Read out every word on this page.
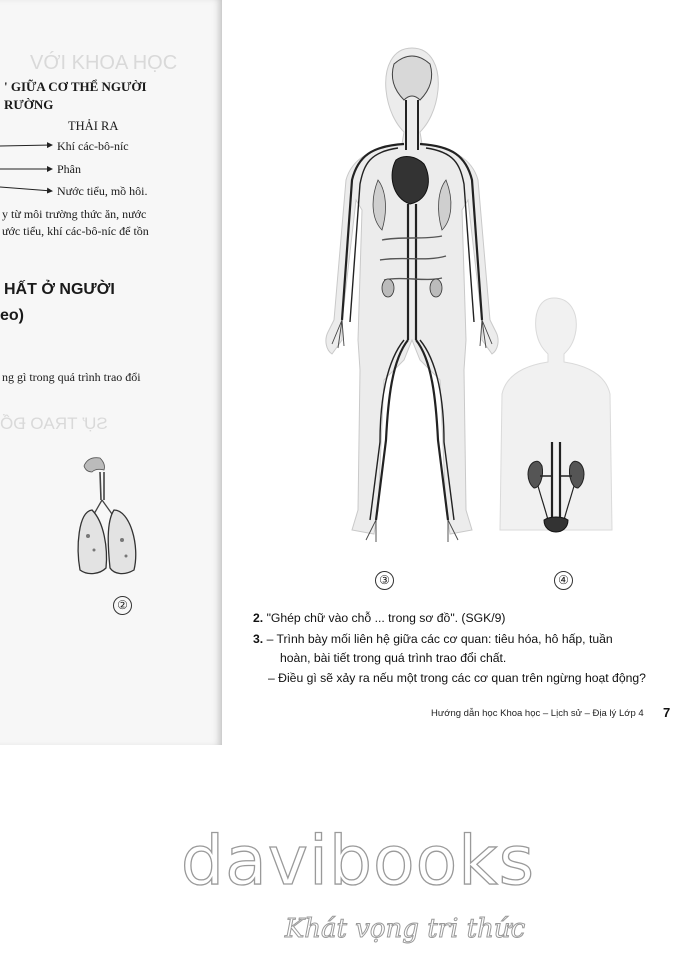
VỚI KHOA HỌC
SỰ TRAO ĐỔ
' GIỮA CƠ THỂ NGƯỜI
RƯỜNG
THẢI RA
Khí các-bô-níc
Phân
Nước tiểu, mồ hôi.
y từ môi trường thức ăn, nước
ước tiểu, khí các-bô-níc để tồn
HẤT Ở NGƯỜI
eo)
ng gì trong quá trình trao đổi
②
③	④
2. "Ghép chữ vào chỗ ... trong sơ đồ". (SGK/9)
3. – Trình bày mối liên hệ giữa các cơ quan: tiêu hóa, hô hấp, tuần
hoàn, bài tiết trong quá trình trao đổi chất.
– Điều gì sẽ xảy ra nếu một trong các cơ quan trên ngừng hoạt động?
Hướng dẫn học Khoa học – Lịch sử – Địa lý Lớp 4 7
davibooks
Khát vọng tri thức
